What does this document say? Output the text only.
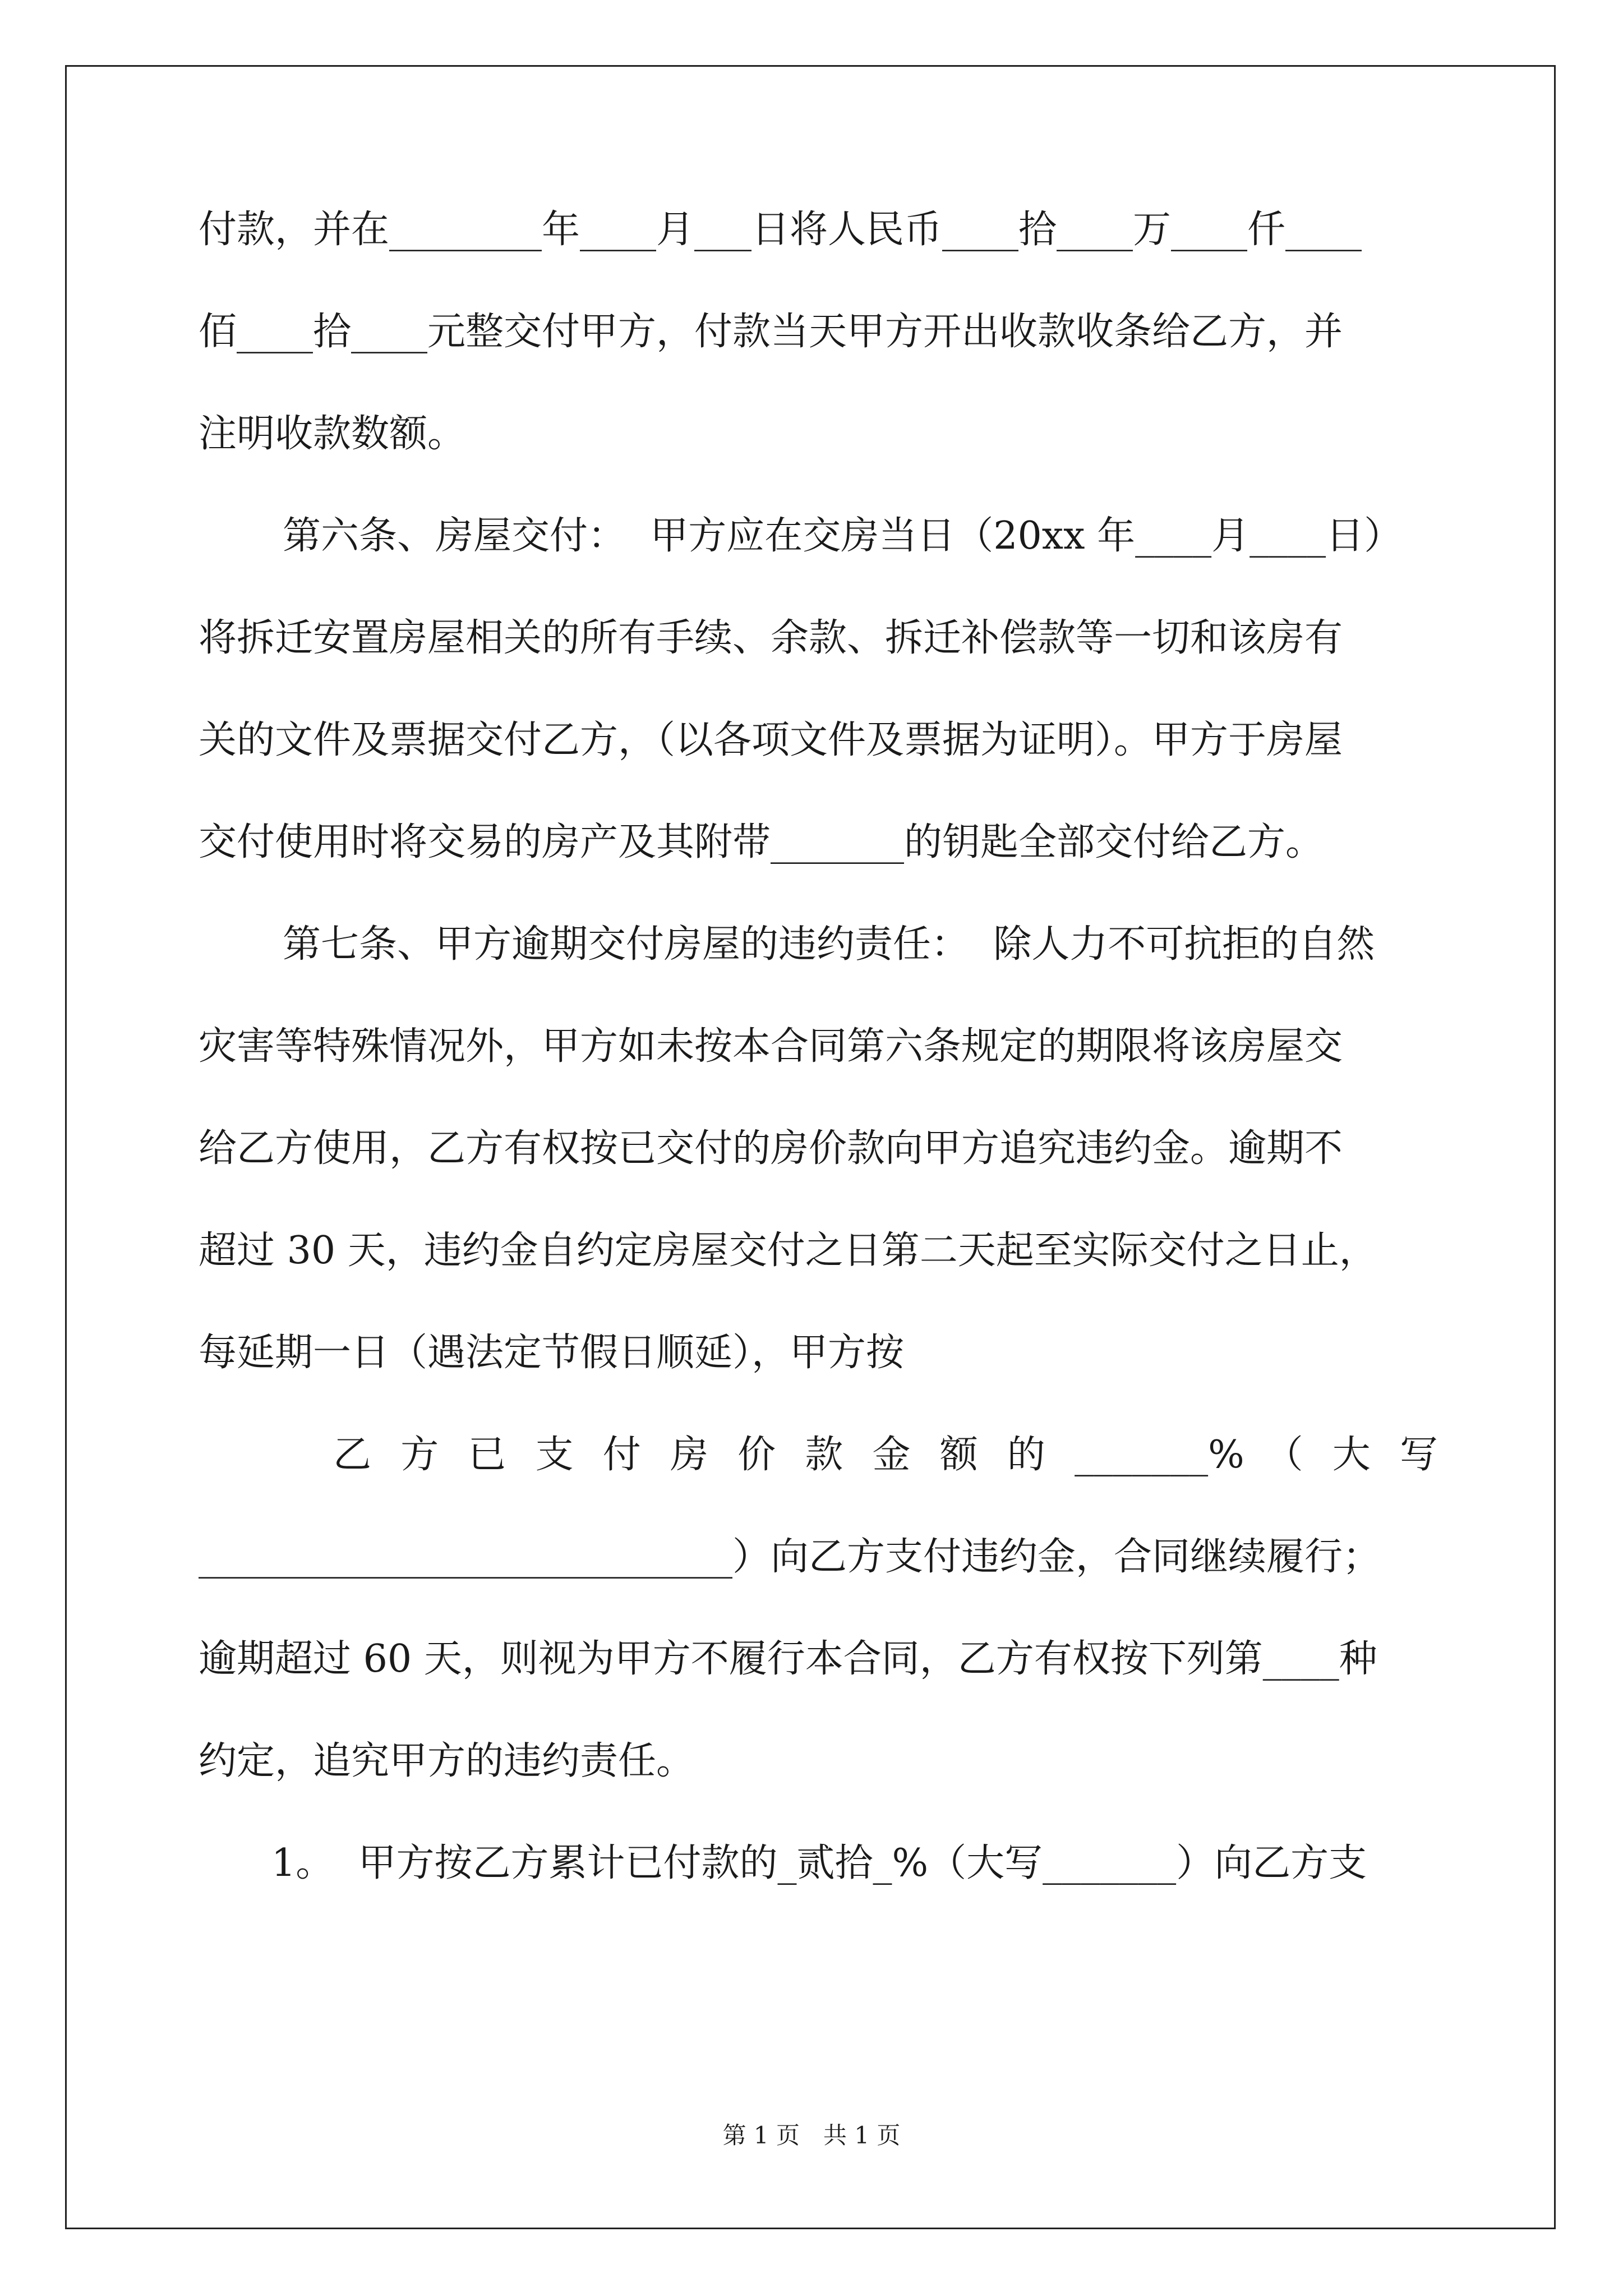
付款，并在________年____月___日将人民币____拾____万____仟____
佰____拾____元整交付甲方，付款当天甲方开出收款收条给乙方，并
注明收款数额。
第六条、房屋交付：  甲方应在交房当日（20xx 年____月____日）
将拆迁安置房屋相关的所有手续、余款、拆迁补偿款等一切和该房有
关的文件及票据交付乙方，（以各项文件及票据为证明）。甲方于房屋
交付使用时将交易的房产及其附带_______的钥匙全部交付给乙方。
第七条、甲方逾期交付房屋的违约责任：  除人力不可抗拒的自然
灾害等特殊情况外，甲方如未按本合同第六条规定的期限将该房屋交
给乙方使用，乙方有权按已交付的房价款向甲方追究违约金。逾期不
超过 30 天，违约金自约定房屋交付之日第二天起至实际交付之日止，
每延期一日（遇法定节假日顺延），甲方按
乙 方 已 支 付 房 价 款 金 额 的 _______% （ 大 写
____________________________）向乙方支付违约金，合同继续履行；
逾期超过 60 天，则视为甲方不履行本合同，乙方有权按下列第____种
约定，追究甲方的违约责任。
1。  甲方按乙方累计已付款的_贰拾_%（大写_______）向乙方支
第 1 页　共 1 页
